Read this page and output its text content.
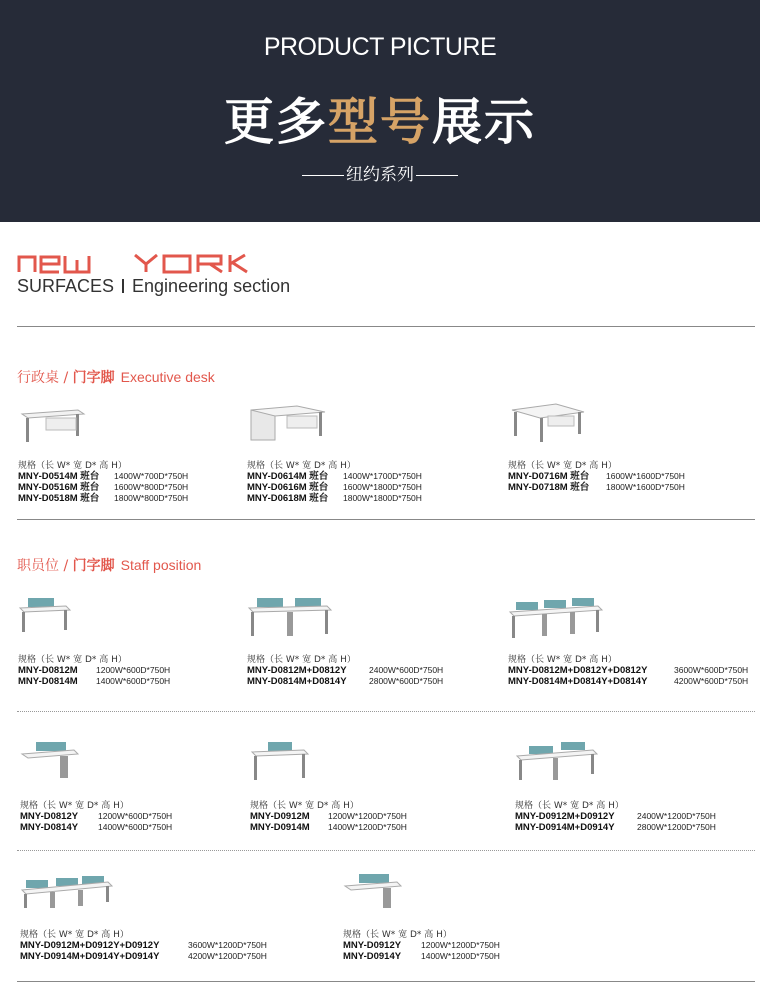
PRODUCT PICTURE
更多型号展示
纽约系列
new YORK
SURFACES Engineering section
行政桌 / 门字脚 Executive desk
规格（长 W* 宽 D* 高 H）
MNY-D0514M 班台 1400W*700D*750H
MNY-D0516M 班台 1600W*800D*750H
MNY-D0518M 班台 1800W*800D*750H
规格（长 W* 宽 D* 高 H）
MNY-D0614M 班台 1400W*1700D*750H
MNY-D0616M 班台 1600W*1800D*750H
MNY-D0618M 班台 1800W*1800D*750H
规格（长 W* 宽 D* 高 H）
MNY-D0716M 班台 1600W*1600D*750H
MNY-D0718M 班台 1800W*1600D*750H
职员位 / 门字脚 Staff position
规格（长 W* 宽 D* 高 H）
MNY-D0812M 1200W*600D*750H
MNY-D0814M 1400W*600D*750H
规格（长 W* 宽 D* 高 H）
MNY-D0812M+D0812Y	2400W*600D*750H
MNY-D0814M+D0814Y	2800W*600D*750H
规格（长 W* 宽 D* 高 H）
MNY-D0812M+D0812Y+D0812Y	3600W*600D*750H
MNY-D0814M+D0814Y+D0814Y	4200W*600D*750H
规格（长 W* 宽 D* 高 H）
MNY-D0812Y 1200W*600D*750H
MNY-D0814Y 1400W*600D*750H
规格（长 W* 宽 D* 高 H）
MNY-D0912M 1200W*1200D*750H
MNY-D0914M 1400W*1200D*750H
规格（长 W* 宽 D* 高 H）
MNY-D0912M+D0912Y	2400W*1200D*750H
MNY-D0914M+D0914Y	2800W*1200D*750H
规格（长 W* 宽 D* 高 H）
MNY-D0912M+D0912Y+D0912Y	3600W*1200D*750H
MNY-D0914M+D0914Y+D0914Y	4200W*1200D*750H
规格（长 W* 宽 D* 高 H）
MNY-D0912Y 1200W*1200D*750H
MNY-D0914Y 1400W*1200D*750H
